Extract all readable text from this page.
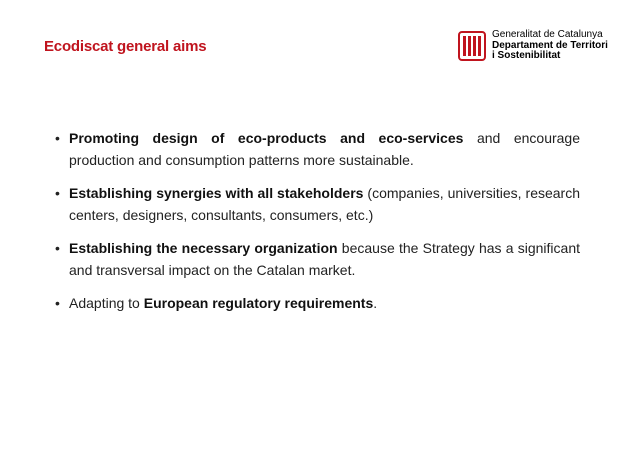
Ecodiscat general aims
Generalitat de Catalunya
Departament de Territori
i Sostenibilitat
• Promoting design of eco-products and eco-services and encourage production and consumption patterns more sustainable.
• Establishing synergies with all stakeholders (companies, universities, research centers, designers, consultants, consumers, etc.)
• Establishing the necessary organization because the Strategy has a significant and transversal impact on the Catalan market.
• Adapting to European regulatory requirements.
